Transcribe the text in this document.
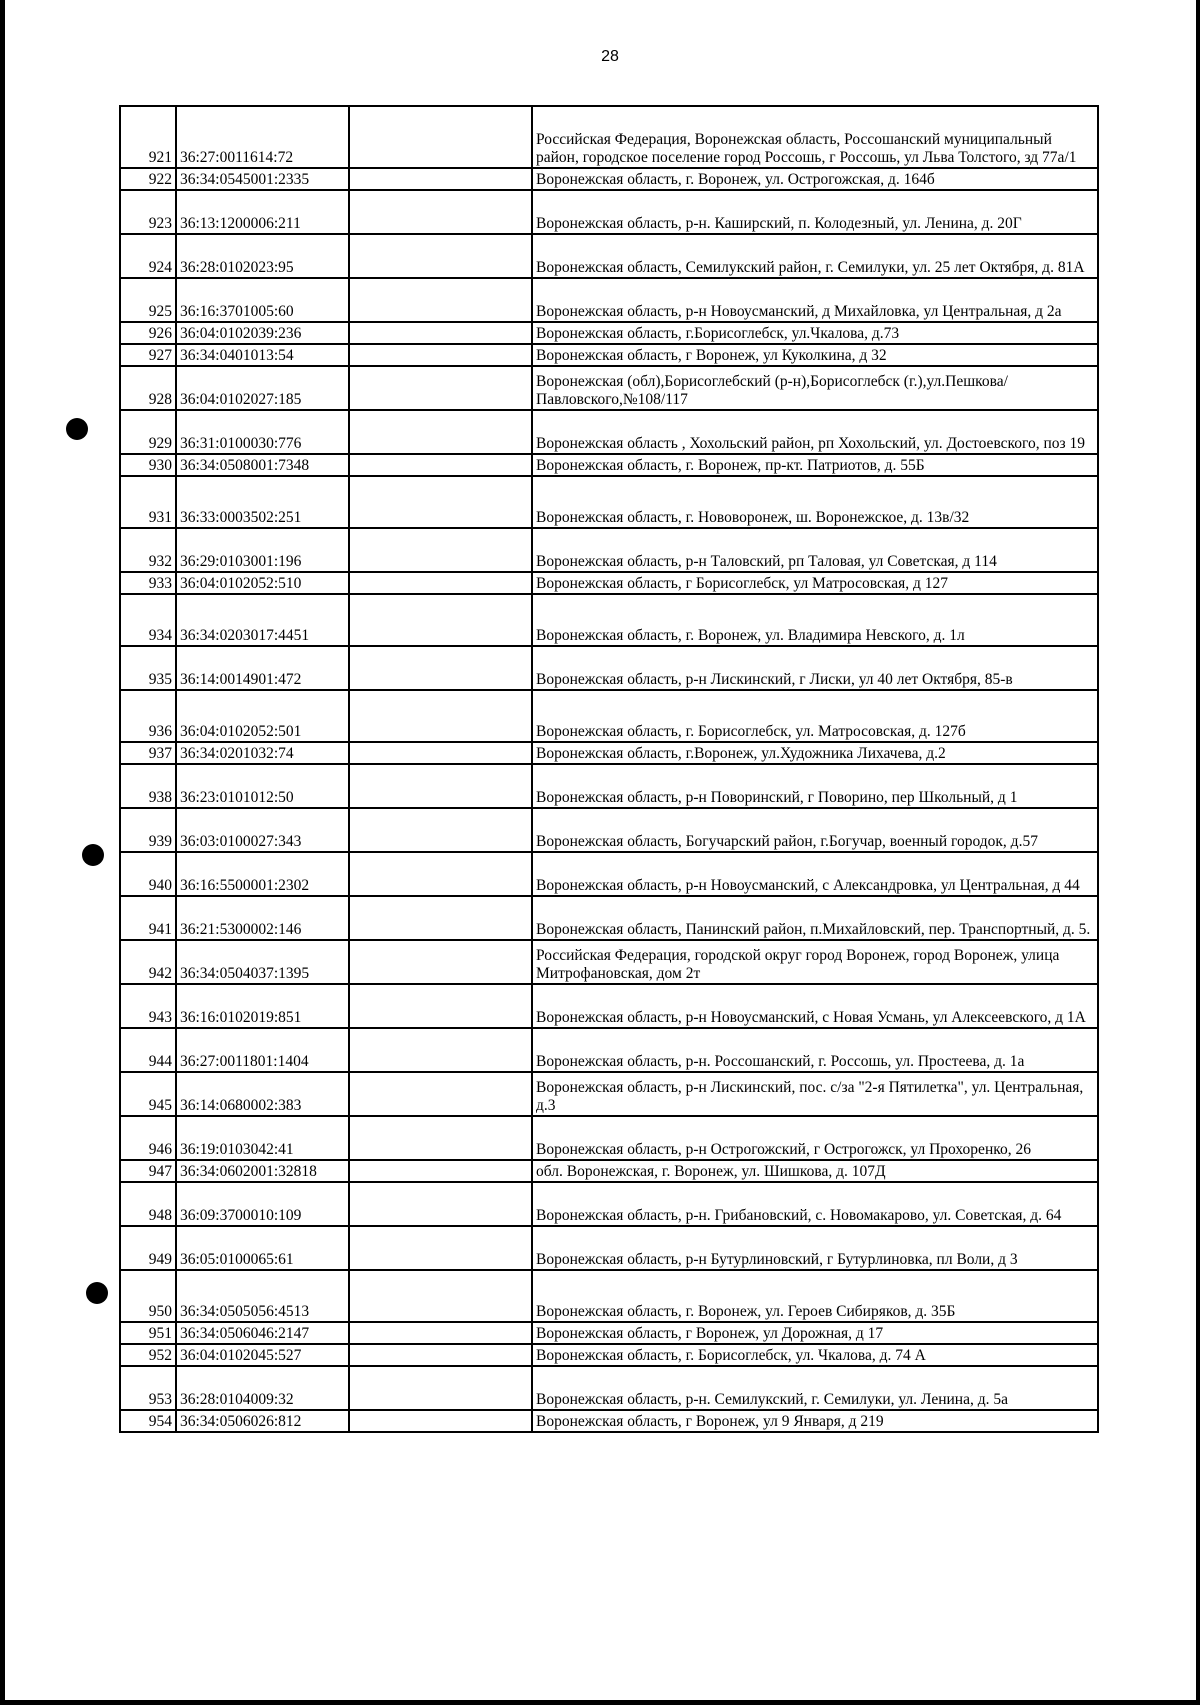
28
921	36:27:0011614:72		Российская Федерация, Воронежская область, Россошанский муниципальный район, городское поселение город Россошь, г Россошь, ул Льва Толстого, зд 77а/1
922	36:34:0545001:2335		Воронежская область, г. Воронеж, ул. Острогожская, д. 164б
923	36:13:1200006:211		Воронежская область, р-н. Каширский, п. Колодезный, ул. Ленина, д. 20Г
924	36:28:0102023:95		Воронежская область, Семилукский район, г. Семилуки, ул. 25 лет Октября, д. 81А
925	36:16:3701005:60		Воронежская область, р-н Новоусманский, д Михайловка, ул Центральная, д 2а
926	36:04:0102039:236		Воронежская область, г.Борисоглебск, ул.Чкалова, д.73
927	36:34:0401013:54		Воронежская область, г Воронеж, ул Куколкина, д 32
928	36:04:0102027:185		Воронежская (обл),Борисоглебский (р-н),Борисоглебск (г.),ул.Пешкова/Павловского,№108/117
929	36:31:0100030:776		Воронежская область , Хохольский район, рп Хохольский, ул. Достоевского, поз 19
930	36:34:0508001:7348		Воронежская область, г. Воронеж, пр-кт. Патриотов, д. 55Б
931	36:33:0003502:251		Воронежская область, г. Нововоронеж, ш. Воронежское, д. 13в/32
932	36:29:0103001:196		Воронежская область, р-н Таловский, рп Таловая, ул Советская, д 114
933	36:04:0102052:510		Воронежская область, г Борисоглебск, ул Матросовская, д 127
934	36:34:0203017:4451		Воронежская область, г. Воронеж, ул. Владимира Невского, д. 1л
935	36:14:0014901:472		Воронежская область, р-н Лискинский, г Лиски, ул 40 лет Октября, 85-в
936	36:04:0102052:501		Воронежская область, г. Борисоглебск, ул. Матросовская, д. 127б
937	36:34:0201032:74		Воронежская область, г.Воронеж, ул.Художника Лихачева, д.2
938	36:23:0101012:50		Воронежская область, р-н Поворинский, г Поворино, пер Школьный, д 1
939	36:03:0100027:343		Воронежская область, Богучарский район, г.Богучар, военный городок, д.57
940	36:16:5500001:2302		Воронежская область, р-н Новоусманский, с Александровка, ул Центральная, д 44
941	36:21:5300002:146		Воронежская область, Панинский район, п.Михайловский, пер. Транспортный, д. 5.
942	36:34:0504037:1395		Российская Федерация, городской округ город Воронеж, город Воронеж, улица Митрофановская, дом 2т
943	36:16:0102019:851		Воронежская область, р-н Новоусманский, с Новая Усмань, ул Алексеевского, д 1А
944	36:27:0011801:1404		Воронежская область, р-н. Россошанский, г. Россошь, ул. Простеева, д. 1а
945	36:14:0680002:383		Воронежская область, р-н Лискинский, пос. с/за "2-я Пятилетка", ул. Центральная, д.3
946	36:19:0103042:41		Воронежская область, р-н Острогожский, г Острогожск, ул Прохоренко, 26
947	36:34:0602001:32818		обл. Воронежская, г. Воронеж, ул. Шишкова, д. 107Д
948	36:09:3700010:109		Воронежская область, р-н. Грибановский, с. Новомакарово, ул. Советская, д. 64
949	36:05:0100065:61		Воронежская область, р-н Бутурлиновский, г Бутурлиновка, пл Воли, д 3
950	36:34:0505056:4513		Воронежская область, г. Воронеж, ул. Героев Сибиряков, д. 35Б
951	36:34:0506046:2147		Воронежская область, г Воронеж, ул Дорожная, д 17
952	36:04:0102045:527		Воронежская область, г. Борисоглебск, ул. Чкалова, д. 74 А
953	36:28:0104009:32		Воронежская область, р-н. Семилукский, г. Семилуки, ул. Ленина, д. 5а
954	36:34:0506026:812		Воронежская область, г Воронеж, ул 9 Января, д 219
